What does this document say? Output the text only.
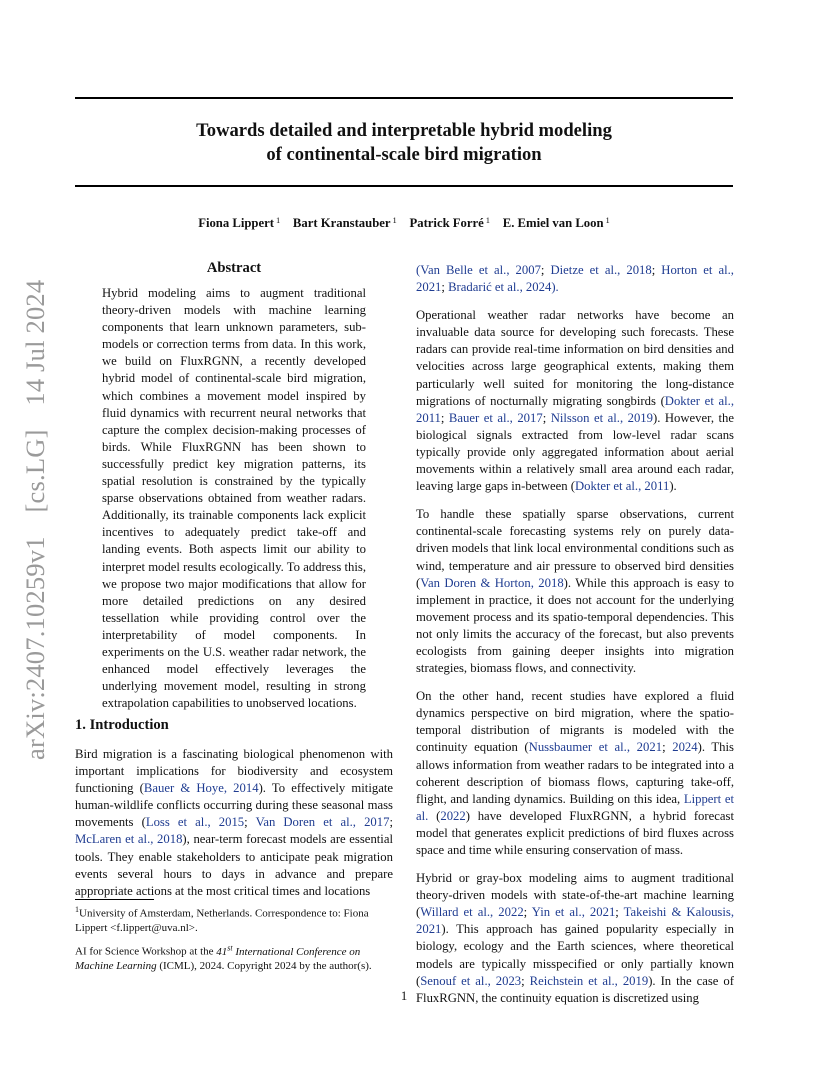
Towards detailed and interpretable hybrid modeling
of continental-scale bird migration

Fiona Lippert $^1$ Bart Kranstauber $^1$ Patrick Forré $^1$ E. Emiel van Loon $^1$

arXiv:2407.10259v1 [cs.LG] 14 Jul 2024
Abstract

Hybrid modeling aims to augment traditional theory-driven models with machine learning components that learn unknown parameters, sub-models or correction terms from data. In this work, we build on FluxRGNN, a recently developed hybrid model of continental-scale bird migration, which combines a movement model inspired by fluid dynamics with recurrent neural networks that capture the complex decision-making processes of birds. While FluxRGNN has been shown to successfully predict key migration patterns, its spatial resolution is constrained by the typically sparse observations obtained from weather radars. Additionally, its trainable components lack explicit incentives to adequately predict take-off and landing events. Both aspects limit our ability to interpret model results ecologically. To address this, we propose two major modifications that allow for more detailed predictions on any desired tessellation while providing control over the interpretability of model components. In experiments on the U.S. weather radar network, the enhanced model effectively leverages the underlying movement model, resulting in strong extrapolation capabilities to unobserved locations.

1. Introduction

Bird migration is a fascinating biological phenomenon with important implications for biodiversity and ecosystem functioning (Bauer & Hoye, 2014). To effectively mitigate human-wildlife conflicts occurring during these seasonal mass movements (Loss et al., 2015; Van Doren et al., 2017; McLaren et al., 2018), near-term forecast models are essential tools. They enable stakeholders to anticipate peak migration events several hours to days in advance and prepare appropriate actions at the most critical times and locations

$^1$University of Amsterdam, Netherlands. Correspondence to: Fiona Lippert <f.lippert@uva.nl>.

AI for Science Workshop at the 41st International Conference on Machine Learning (ICML), 2024. Copyright 2024 by the author(s).

(Van Belle et al., 2007; Dietze et al., 2018; Horton et al., 2021; Bradarić et al., 2024).

Operational weather radar networks have become an invaluable data source for developing such forecasts. These radars can provide real-time information on bird densities and velocities across large geographical extents, making them particularly well suited for monitoring the long-distance migrations of nocturnally migrating songbirds (Dokter et al., 2011; Bauer et al., 2017; Nilsson et al., 2019). However, the biological signals extracted from low-level radar scans typically provide only aggregated information about aerial movements within a relatively small area around each radar, leaving large gaps in-between (Dokter et al., 2011).

To handle these spatially sparse observations, current continental-scale forecasting systems rely on purely data-driven models that link local environmental conditions such as wind, temperature and air pressure to observed bird densities (Van Doren & Horton, 2018). While this approach is easy to implement in practice, it does not account for the underlying movement process and its spatio-temporal dependencies. This not only limits the accuracy of the forecast, but also prevents ecologists from gaining deeper insights into migration strategies, biomass flows, and connectivity.

On the other hand, recent studies have explored a fluid dynamics perspective on bird migration, where the spatio-temporal distribution of migrants is modeled with the continuity equation (Nussbaumer et al., 2021; 2024). This allows information from weather radars to be integrated into a coherent description of biomass flows, capturing take-off, flight, and landing dynamics. Building on this idea, Lippert et al. (2022) have developed FluxRGNN, a hybrid forecast model that generates explicit predictions of bird fluxes across space and time while ensuring conservation of mass.

Hybrid or gray-box modeling aims to augment traditional theory-driven models with state-of-the-art machine learning (Willard et al., 2022; Yin et al., 2021; Takeishi & Kalousis, 2021). This approach has gained popularity especially in biology, ecology and the Earth sciences, where theoretical models are typically misspecified or only partially known (Senouf et al., 2023; Reichstein et al., 2019). In the case of FluxRGNN, the continuity equation is discretized using

1
